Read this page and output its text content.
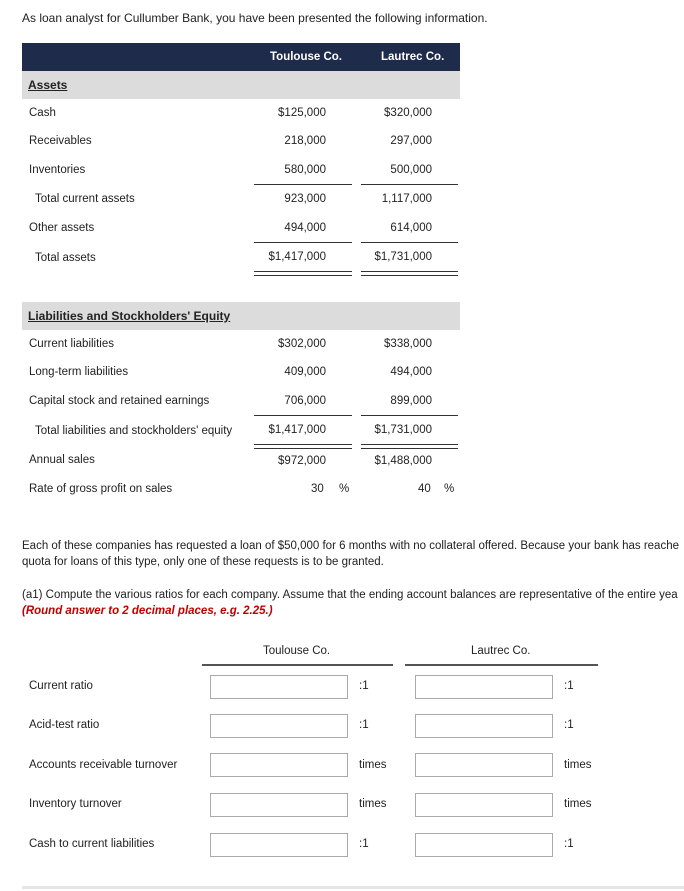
As loan analyst for Cullumber Bank, you have been presented the following information.
Toulouse Co.	Lautrec Co.
Assets
Cash	$125,000	$320,000
Receivables	218,000	297,000
Inventories	580,000	500,000
Total current assets	923,000	1,117,000
Other assets	494,000	614,000
Total assets	$1,417,000	$1,731,000
Liabilities and Stockholders' Equity
Current liabilities	$302,000	$338,000
Long-term liabilities	409,000	494,000
Capital stock and retained earnings	706,000	899,000
Total liabilities and stockholders' equity	$1,417,000	$1,731,000
Annual sales	$972,000	$1,488,000
Rate of gross profit on sales	30 %	40 %
Each of these companies has requested a loan of $50,000 for 6 months with no collateral offered. Because your bank has reache
quota for loans of this type, only one of these requests is to be granted.
(a1) Compute the various ratios for each company. Assume that the ending account balances are representative of the entire yea
(Round answer to 2 decimal places, e.g. 2.25.)
Toulouse Co.	Lautrec Co.
Current ratio	:1	:1
Acid-test ratio	:1	:1
Accounts receivable turnover	times	times
Inventory turnover	times	times
Cash to current liabilities	:1	:1
